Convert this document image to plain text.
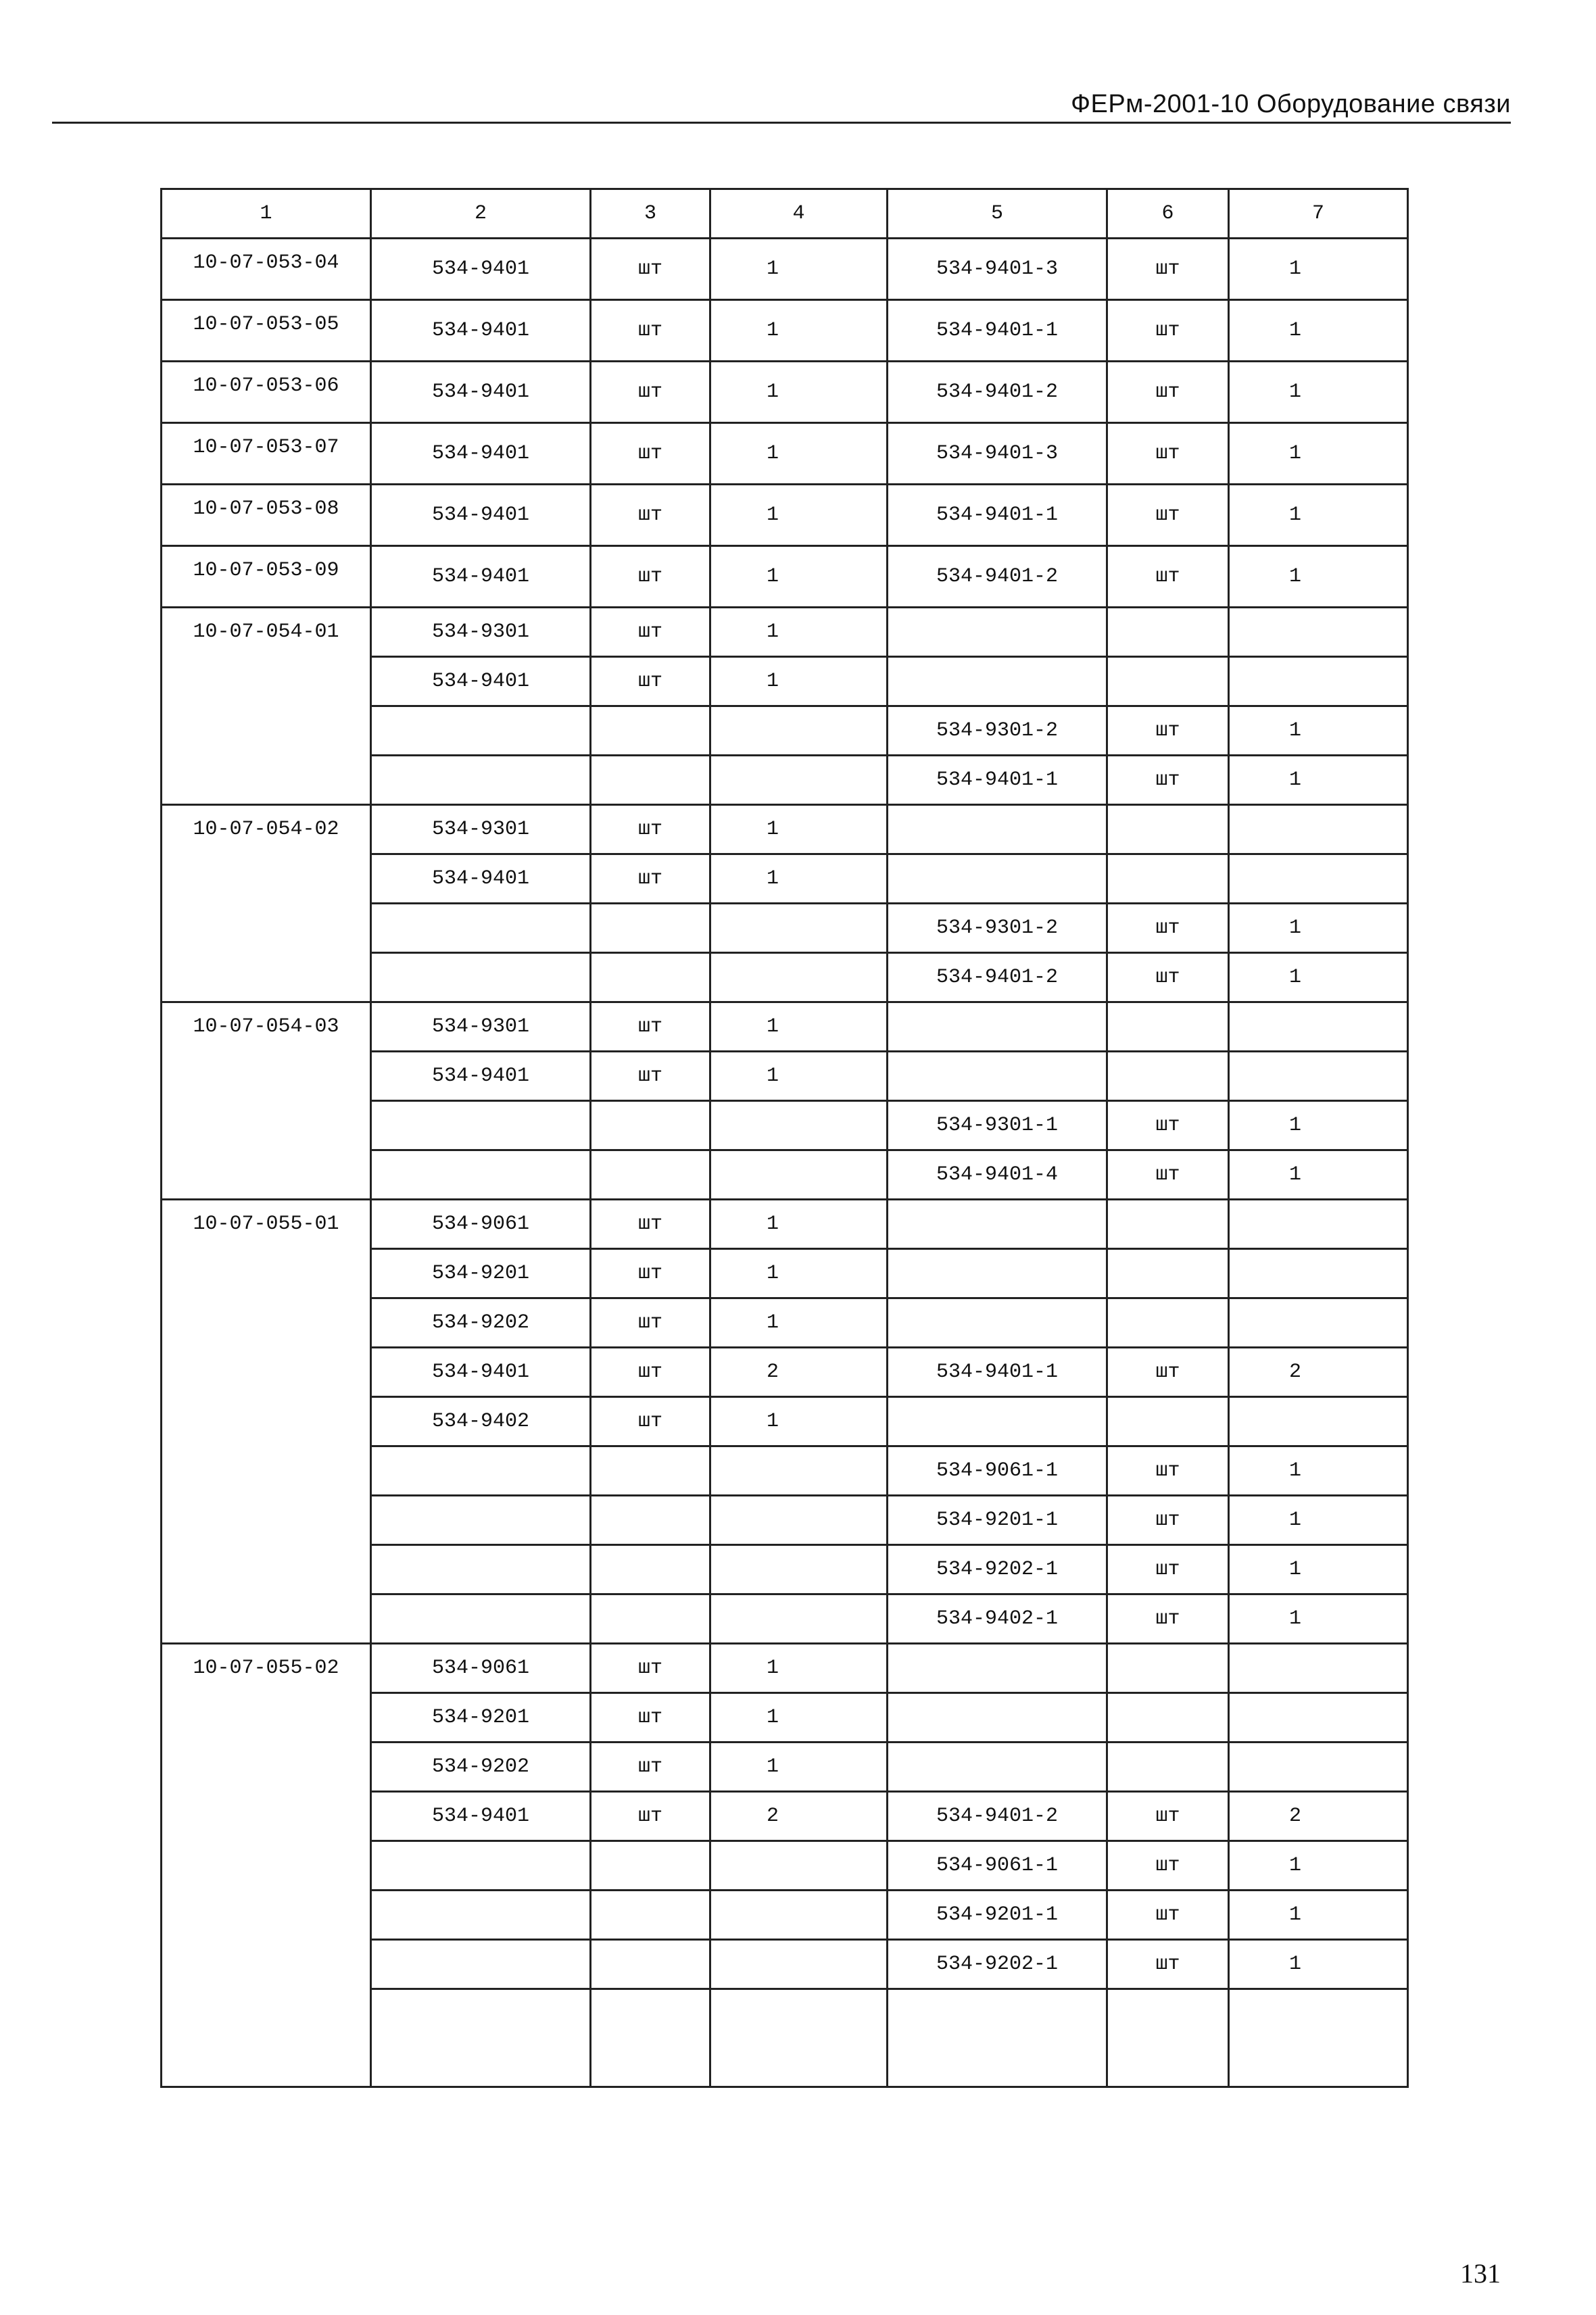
ФЕРм-2001-10 Оборудование связи
1	2	3	4	5	6	7
10-07-053-04	534-9401	шт	1	534-9401-3	шт	1
10-07-053-05	534-9401	шт	1	534-9401-1	шт	1
10-07-053-06	534-9401	шт	1	534-9401-2	шт	1
10-07-053-07	534-9401	шт	1	534-9401-3	шт	1
10-07-053-08	534-9401	шт	1	534-9401-1	шт	1
10-07-053-09	534-9401	шт	1	534-9401-2	шт	1
10-07-054-01	534-9301	шт	1			
	534-9401	шт	1			
				534-9301-2	шт	1
				534-9401-1	шт	1
10-07-054-02	534-9301	шт	1			
	534-9401	шт	1			
				534-9301-2	шт	1
				534-9401-2	шт	1
10-07-054-03	534-9301	шт	1			
	534-9401	шт	1			
				534-9301-1	шт	1
				534-9401-4	шт	1
10-07-055-01	534-9061	шт	1			
	534-9201	шт	1			
	534-9202	шт	1			
	534-9401	шт	2	534-9401-1	шт	2
	534-9402	шт	1			
				534-9061-1	шт	1
				534-9201-1	шт	1
				534-9202-1	шт	1
				534-9402-1	шт	1
10-07-055-02	534-9061	шт	1			
	534-9201	шт	1			
	534-9202	шт	1			
	534-9401	шт	2	534-9401-2	шт	2
				534-9061-1	шт	1
				534-9201-1	шт	1
				534-9202-1	шт	1

131
